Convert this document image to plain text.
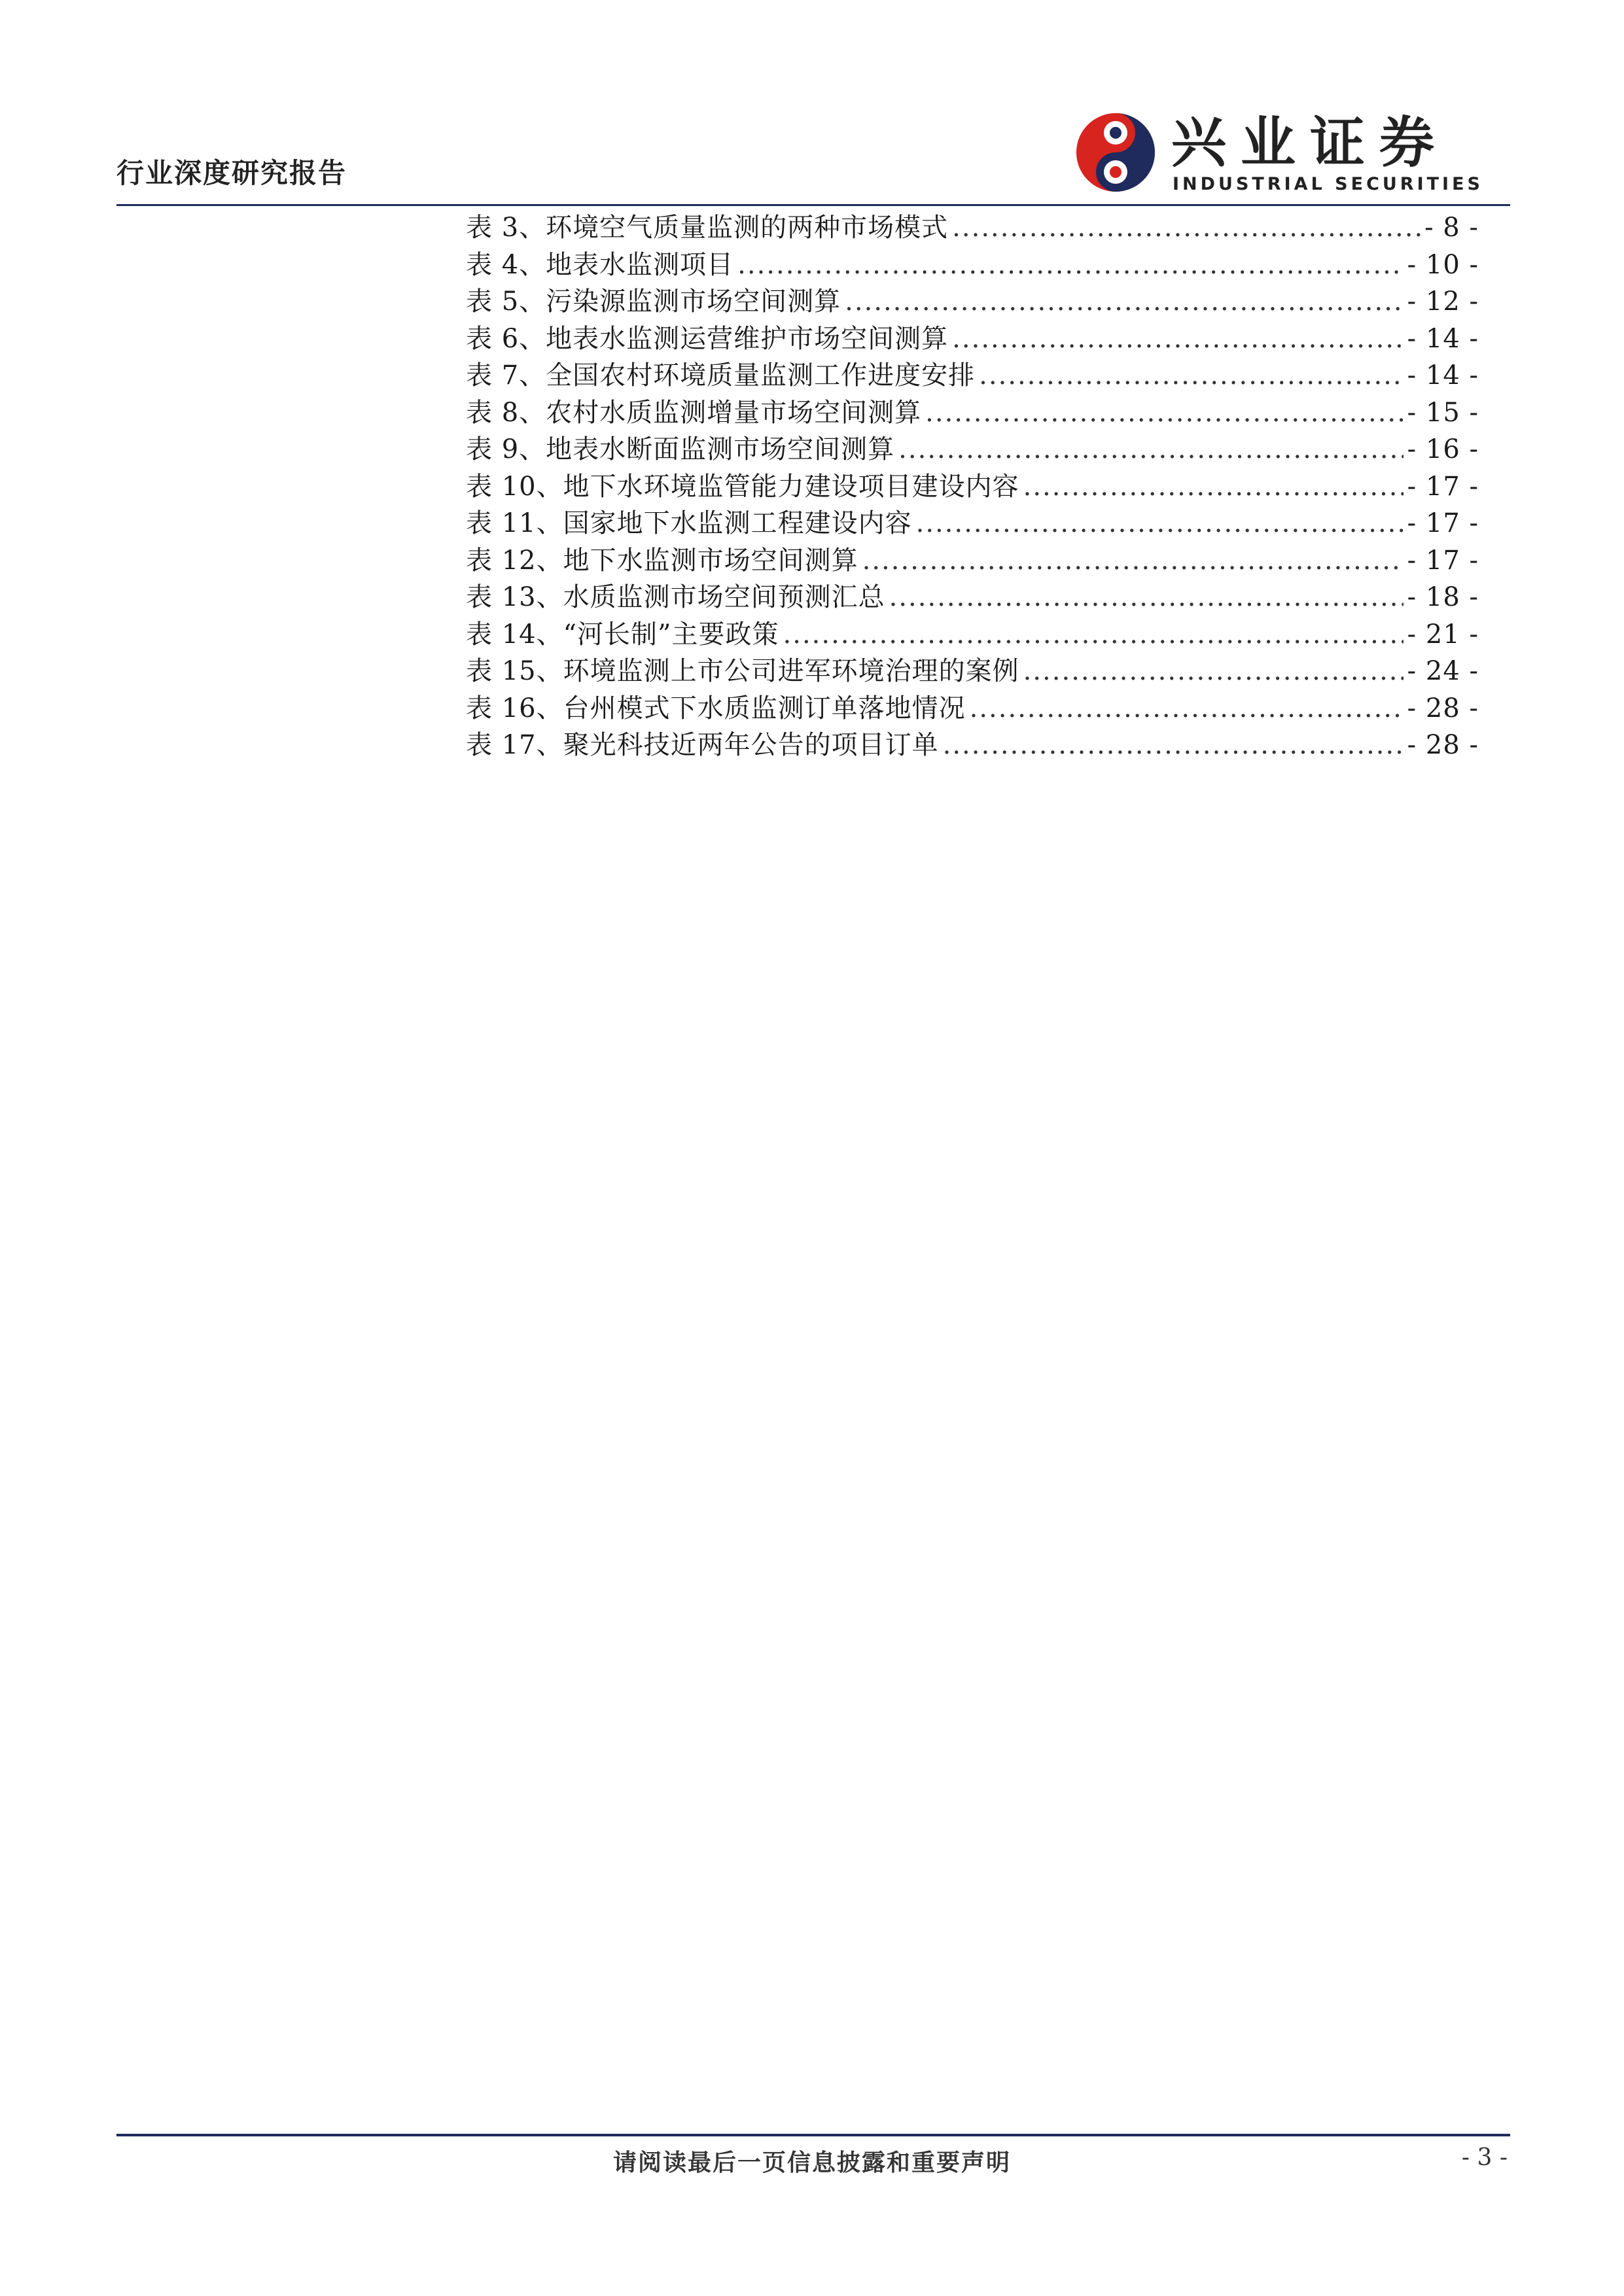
行业深度研究报告	兴业证券
INDUSTRIAL SECURITIES
表 3、环境空气质量监测的两种市场模式 .....	- 8 -
表 4、地表水监测项目 .....	- 10 -
表 5、污染源监测市场空间测算 .....	- 12 -
表 6、地表水监测运营维护市场空间测算 .....	- 14 -
表 7、全国农村环境质量监测工作进度安排 .....	- 14 -
表 8、农村水质监测增量市场空间测算 .....	- 15 -
表 9、地表水断面监测市场空间测算 .....	- 16 -
表 10、地下水环境监管能力建设项目建设内容 .....	- 17 -
表 11、国家地下水监测工程建设内容 .....	- 17 -
表 12、地下水监测市场空间测算 .....	- 17 -
表 13、水质监测市场空间预测汇总 .....	- 18 -
表 14、“河长制”主要政策 .....	- 21 -
表 15、环境监测上市公司进军环境治理的案例 .....	- 24 -
表 16、台州模式下水质监测订单落地情况 .....	- 28 -
表 17、聚光科技近两年公告的项目订单 .....	- 28 -
请阅读最后一页信息披露和重要声明	- 3 -
